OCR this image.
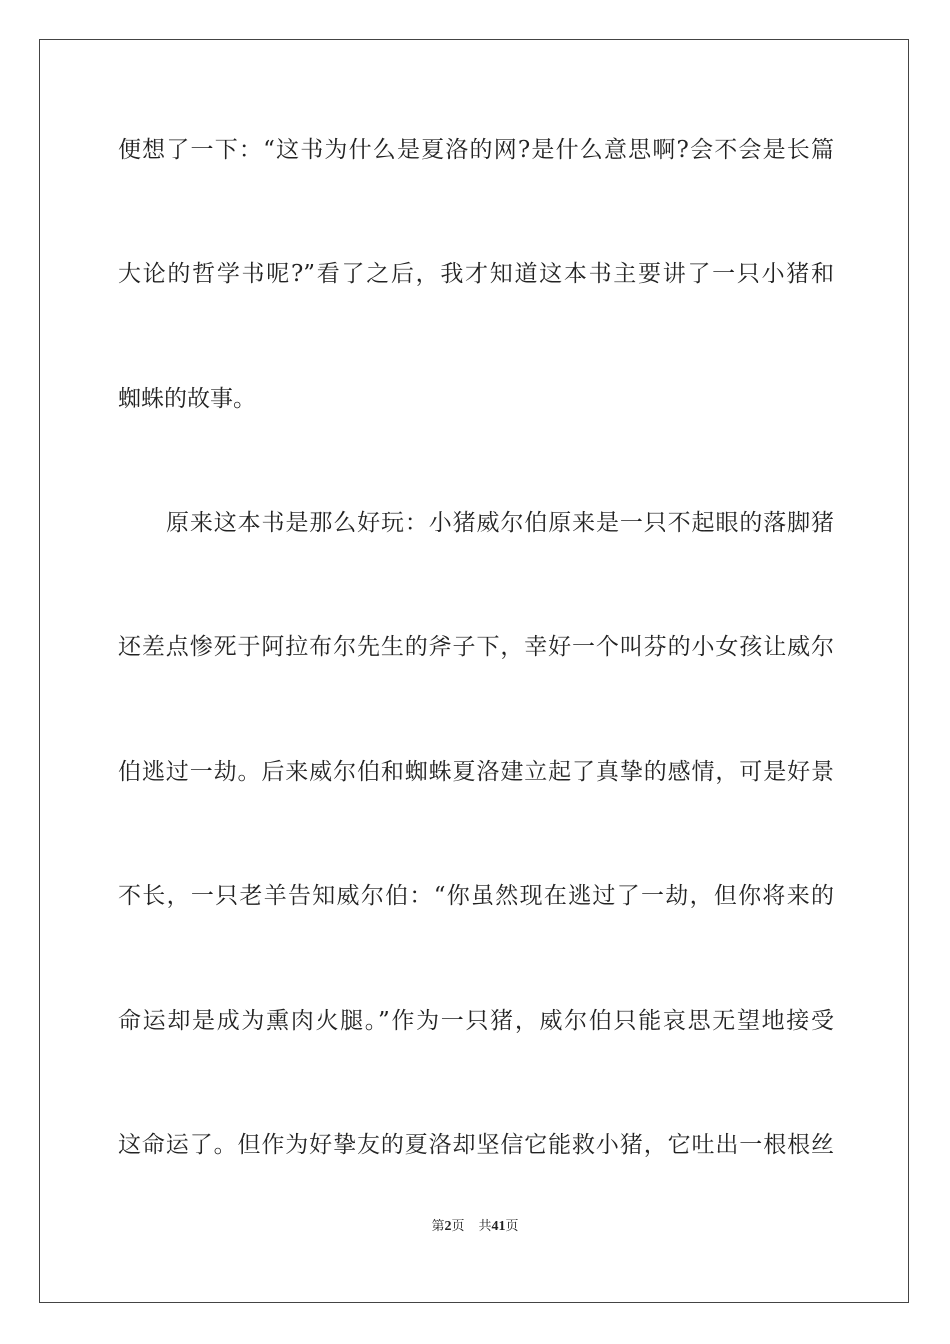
便想了一下：“这书为什么是夏洛的网?是什么意思啊?会不会是长篇

大论的哲学书呢?”看了之后，我才知道这本书主要讲了一只小猪和

蜘蛛的故事。

原来这本书是那么好玩：小猪威尔伯原来是一只不起眼的落脚猪

还差点惨死于阿拉布尔先生的斧子下，幸好一个叫芬的小女孩让威尔

伯逃过一劫。后来威尔伯和蜘蛛夏洛建立起了真挚的感情，可是好景

不长，一只老羊告知威尔伯：“你虽然现在逃过了一劫，但你将来的

命运却是成为熏肉火腿。”作为一只猪，威尔伯只能哀思无望地接受

这命运了。但作为好挚友的夏洛却坚信它能救小猪，它吐出一根根丝

第2页 共41页
